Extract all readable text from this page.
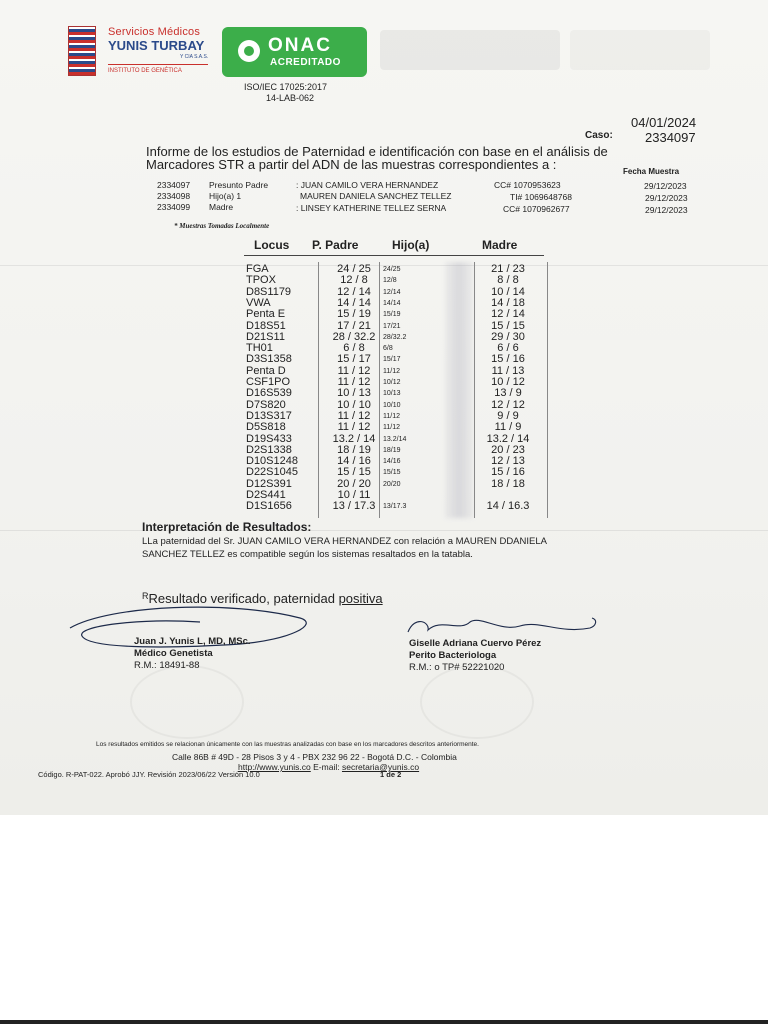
Servicios Médicos
YUNIS TURBAY
Y CIA S.A.S.
INSTITUTO DE GENÉTICA
ONAC
ACREDITADO
ISO/IEC 17025:2017
14-LAB-062
04/01/2024
Caso: 2334097
Informe de los estudios de Paternidad e identificación con base en el análisis de Marcadores STR a partir del ADN de las muestras correspondientes a :	Fecha Muestra
2334097 Presunto Padre	: JUAN CAMILO VERA HERNANDEZ	CC# 1070953623	29/12/2023
2334098 Hijo(a) 1	MAUREN DANIELA SANCHEZ TELLEZ	TI# 1069648768	29/12/2023
2334099 Madre	: LINSEY KATHERINE TELLEZ SERNA	CC# 1070962677	29/12/2023
* Muestras Tomadas Localmente
Locus P. Padre	Hijo(a)	Madre
FGA	24 / 25	24/25	21 / 23
TPOX	12 / 8	12/8	8 / 8
D8S1179	12 / 14	12/14	10 / 14
VWA	14 / 14	14/14	14 / 18
Penta E	15 / 19	15/19	12 / 14
D18S51	17 / 21	17/21	15 / 15
D21S11	28 / 32.2	28/32.2	29 / 30
TH01	6 / 8	6/8	6 / 6
D3S1358	15 / 17	15/17	15 / 16
Penta D	11 / 12	11/12	11 / 13
CSF1PO	11 / 12	10/12	10 / 12
D16S539	10 / 13	10/13	13 / 9
D7S820	10 / 10	10/10	12 / 12
D13S317	11 / 12	11/12	9 / 9
D5S818	11 / 12	11/12	11 / 9
D19S433	13.2 / 14	13.2/14	13.2 / 14
D2S1338	18 / 19	18/19	20 / 23
D10S1248	14 / 16	14/16	12 / 13
D22S1045	15 / 15	15/15	15 / 16
D12S391	20 / 20	20/20	18 / 18
D2S441	10 / 11
D1S1656	13 / 17.3	13/17.3	14 / 16.3
Interpretación de Resultados:
LLa paternidad del Sr. JUAN CAMILO VERA HERNANDEZ con relación a MAUREN DDANIELA SANCHEZ TELLEZ es compatible según los sistemas resaltados en la tatabla.
$^R$Resultado verificado, paternidad positiva
Juan J. Yunis L, MD, MSc.
Médico Genetista
R.M.: 18491-88
Giselle Adriana Cuervo Pérez
Perito Bacteriologa
R.M.: o TP# 52221020
Los resultados emitidos se relacionan únicamente con las muestras analizadas con base en los marcadores descritos anteriormente.
Calle 86B # 49D - 28 Pisos 3 y 4 - PBX 232 96 22 - Bogotá D.C. - Colombia
http://www.yunis.co E-mail: secretaria@yunis.co
Código. R-PAT-022. Aprobó JJY. Revisión 2023/06/22 Versión 10.0	1 de 2
